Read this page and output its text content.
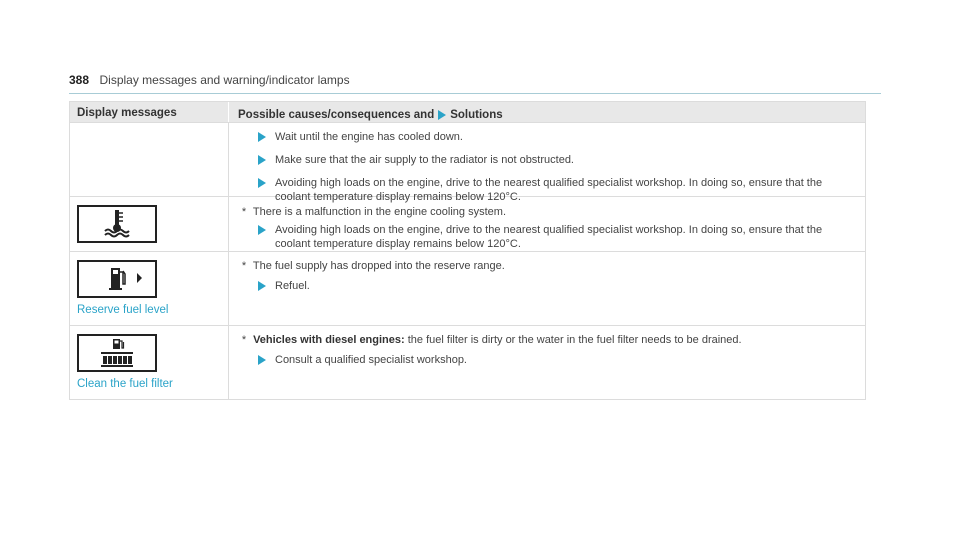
388 Display messages and warning/indicator lamps
Display messages	Possible causes/consequences and Solutions
Wait until the engine has cooled down.
Make sure that the air supply to the radiator is not obstructed.
Avoiding high loads on the engine, drive to the nearest qualified specialist workshop. In doing so, ensure that the coolant temperature display remains below 120°C.
* There is a malfunction in the engine cooling system.
Avoiding high loads on the engine, drive to the nearest qualified specialist workshop. In doing so, ensure that the coolant temperature display remains below 120°C.
Reserve fuel level
* The fuel supply has dropped into the reserve range.
Refuel.
Clean the fuel filter
* Vehicles with diesel engines: the fuel filter is dirty or the water in the fuel filter needs to be drained.
Consult a qualified specialist workshop.
